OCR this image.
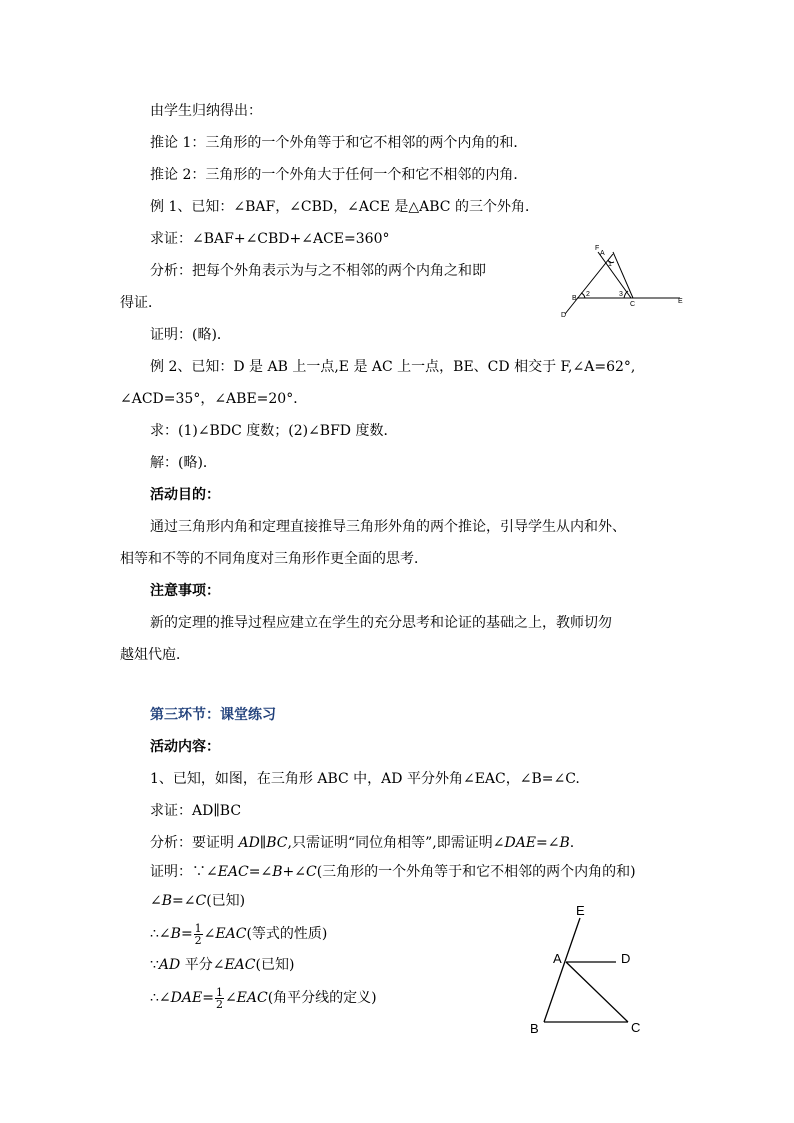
由学生归纳得出：
推论 1：三角形的一个外角等于和它不相邻的两个内角的和．
推论 2：三角形的一个外角大于任何一个和它不相邻的内角．
例 1、已知：∠BAF，∠CBD，∠ACE 是△ABC 的三个外角．
求证：∠BAF+∠CBD+∠ACE=360°
分析：把每个外角表示为与之不相邻的两个内角之和即
得证．
证明：(略)．
例 2、已知：D 是 AB 上一点,E 是 AC 上一点，BE、CD 相交于 F,∠A=62°,
∠ACD=35°，∠ABE=20°．
求：(1)∠BDC 度数；(2)∠BFD 度数．
解：(略)．
活动目的：
通过三角形内角和定理直接推导三角形外角的两个推论，引导学生从内和外、
相等和不等的不同角度对三角形作更全面的思考．
注意事项：
新的定理的推导过程应建立在学生的充分思考和论证的基础之上，教师切勿
越俎代庖．
第三环节：课堂练习
活动内容：
1、已知，如图，在三角形 ABC 中，AD 平分外角∠EAC，∠B=∠C.
求证：AD∥BC
分析：要证明 AD∥BC,只需证明“同位角相等”,即需证明∠DAE=∠B.
证明：∵∠EAC=∠B+∠C(三角形的一个外角等于和它不相邻的两个内角的和)
∠B=∠C(已知)
∴∠B= $\frac{1}{2}$ ∠EAC(等式的性质)
∵AD 平分∠EAC(已知)
∴∠DAE= $\frac{1}{2}$ ∠EAC(角平分线的定义)
F
A
1
B
2	3
C	E
D
E
A	D
B	C
